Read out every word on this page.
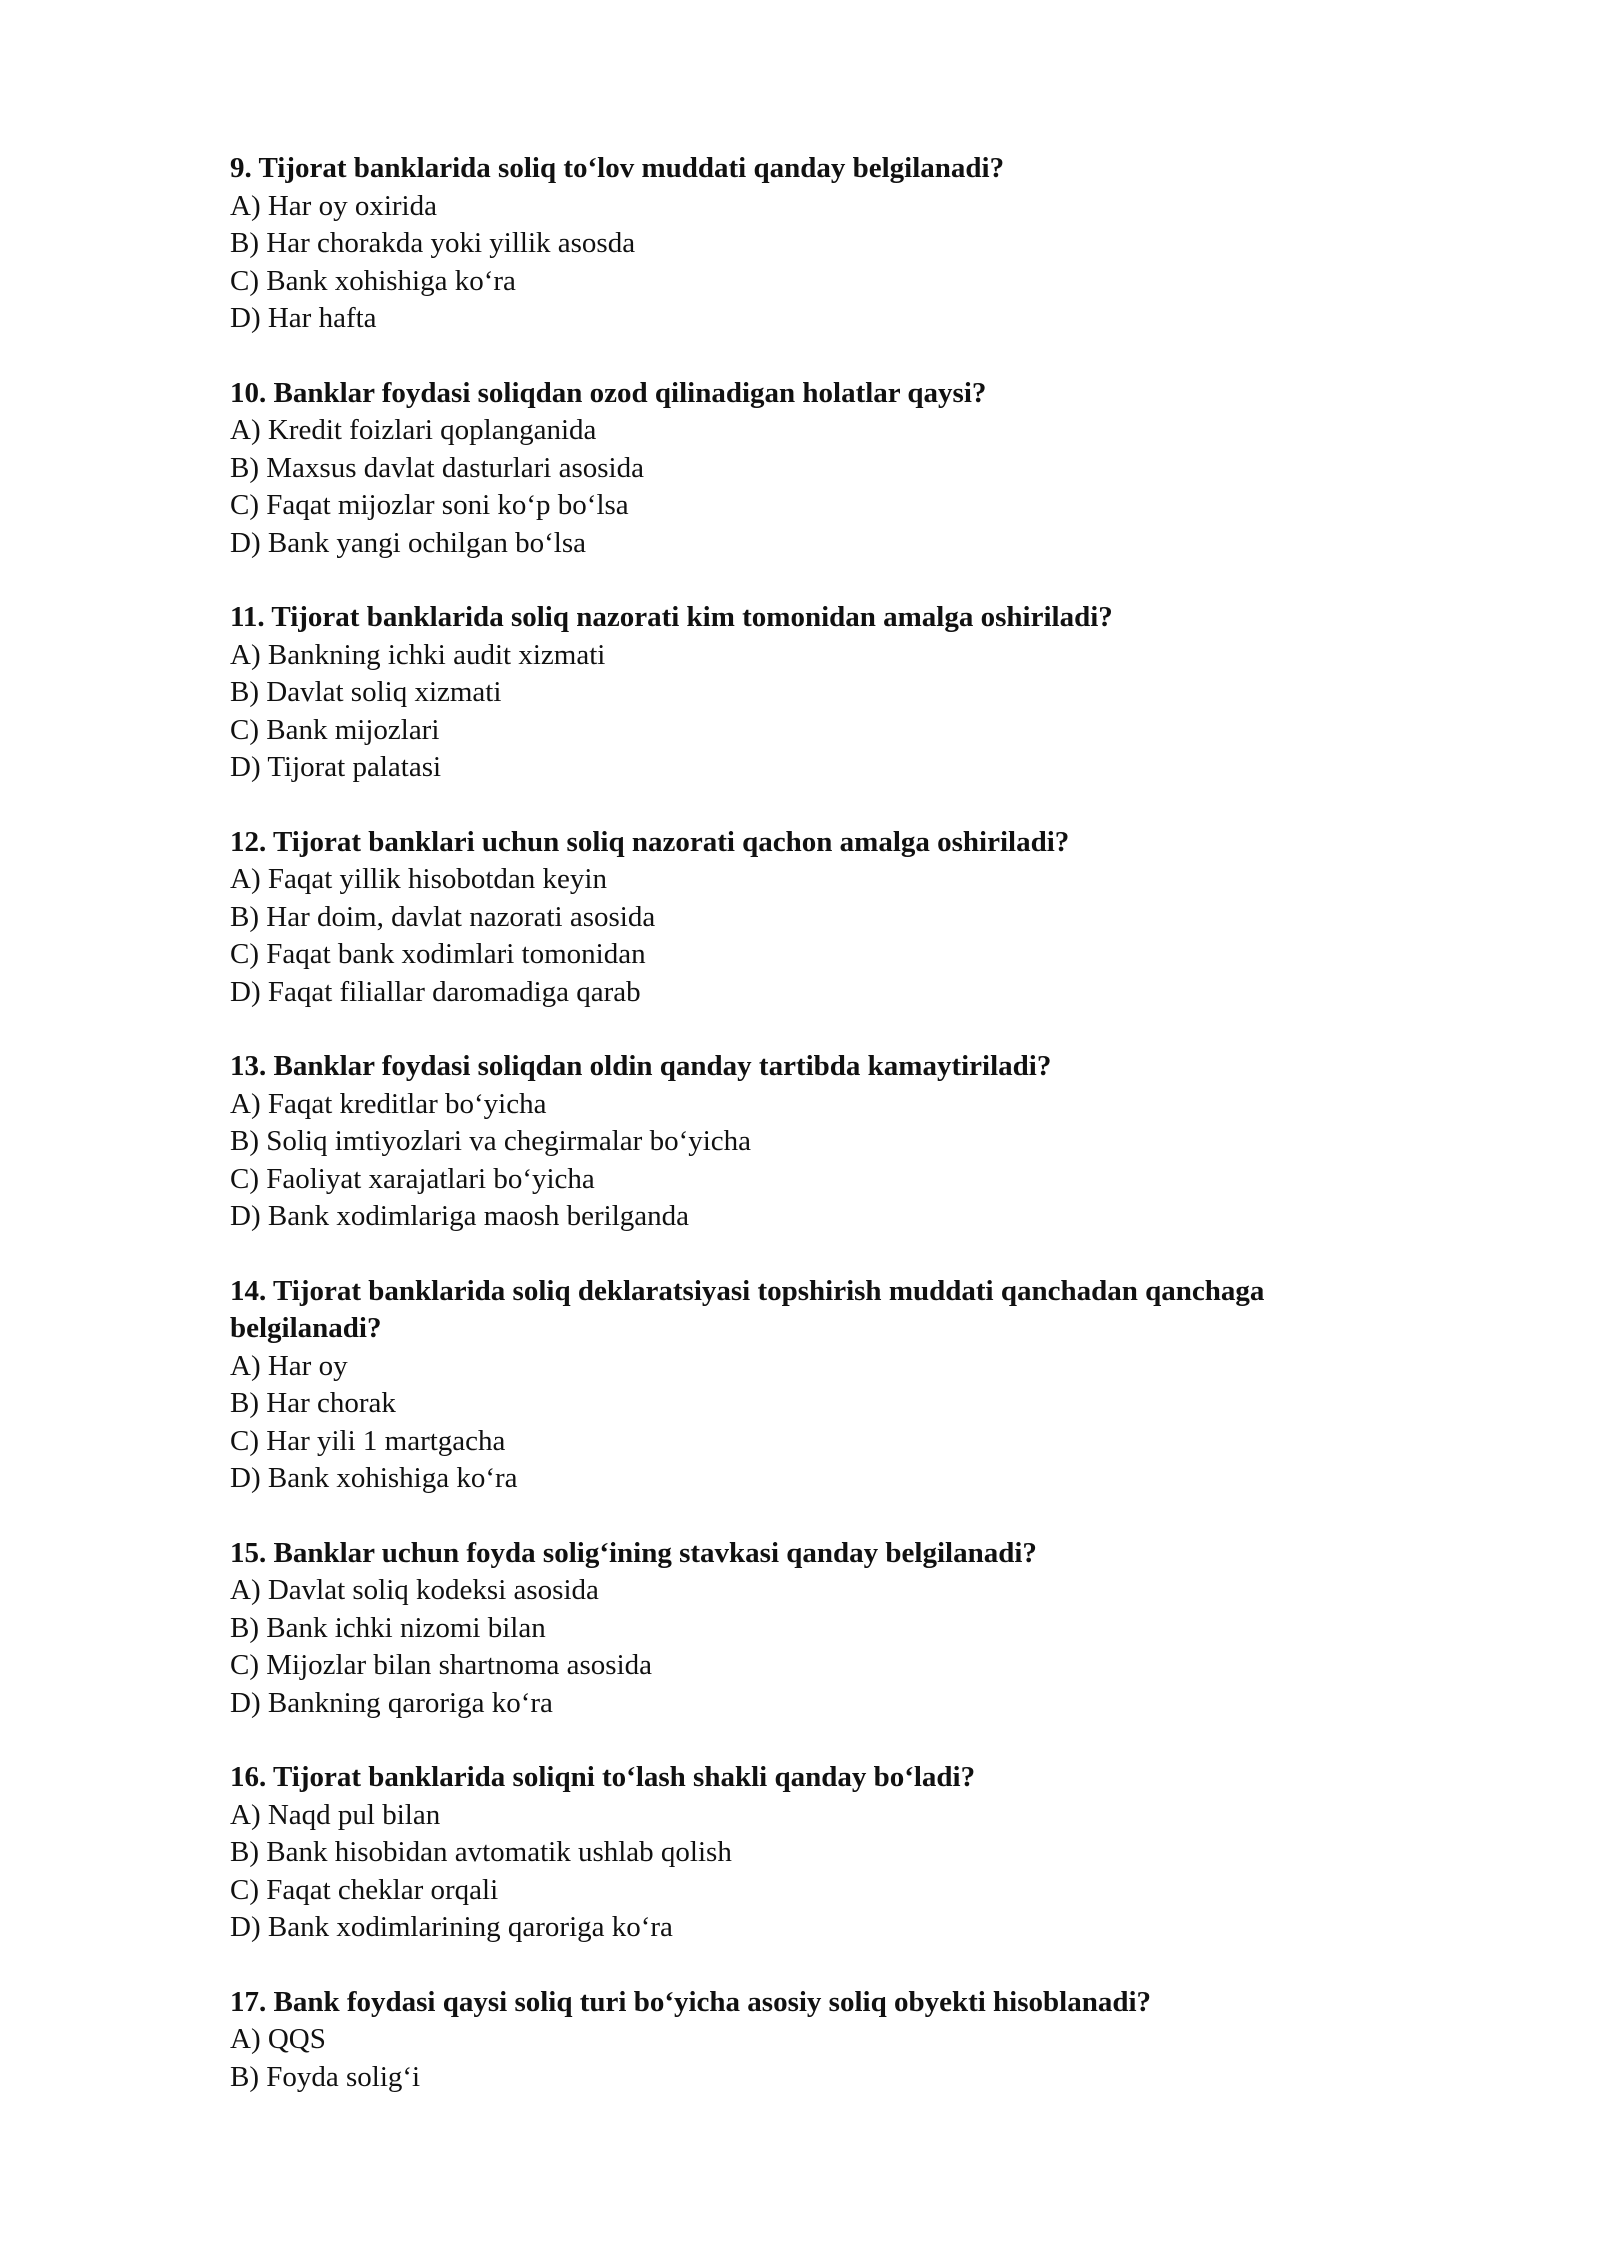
9. Tijorat banklarida soliq to‘lov muddati qanday belgilanadi?

A) Har oy oxirida

B) Har chorakda yoki yillik asosda

C) Bank xohishiga ko‘ra

D) Har hafta

10. Banklar foydasi soliqdan ozod qilinadigan holatlar qaysi?

A) Kredit foizlari qoplanganida

B) Maxsus davlat dasturlari asosida

C) Faqat mijozlar soni ko‘p bo‘lsa

D) Bank yangi ochilgan bo‘lsa

11. Tijorat banklarida soliq nazorati kim tomonidan amalga oshiriladi?

A) Bankning ichki audit xizmati

B) Davlat soliq xizmati

C) Bank mijozlari

D) Tijorat palatasi

12. Tijorat banklari uchun soliq nazorati qachon amalga oshiriladi?

A) Faqat yillik hisobotdan keyin

B) Har doim, davlat nazorati asosida

C) Faqat bank xodimlari tomonidan

D) Faqat filiallar daromadiga qarab

13. Banklar foydasi soliqdan oldin qanday tartibda kamaytiriladi?

A) Faqat kreditlar bo‘yicha

B) Soliq imtiyozlari va chegirmalar bo‘yicha

C) Faoliyat xarajatlari bo‘yicha

D) Bank xodimlariga maosh berilganda

14. Tijorat banklarida soliq deklaratsiyasi topshirish muddati qanchadan qanchaga belgilanadi?

A) Har oy

B) Har chorak

C) Har yili 1 martgacha

D) Bank xohishiga ko‘ra

15. Banklar uchun foyda solig‘ining stavkasi qanday belgilanadi?

A) Davlat soliq kodeksi asosida

B) Bank ichki nizomi bilan

C) Mijozlar bilan shartnoma asosida

D) Bankning qaroriga ko‘ra

16. Tijorat banklarida soliqni to‘lash shakli qanday bo‘ladi?

A) Naqd pul bilan

B) Bank hisobidan avtomatik ushlab qolish

C) Faqat cheklar orqali

D) Bank xodimlarining qaroriga ko‘ra

17. Bank foydasi qaysi soliq turi bo‘yicha asosiy soliq obyekti hisoblanadi?

A) QQS

B) Foyda solig‘i
